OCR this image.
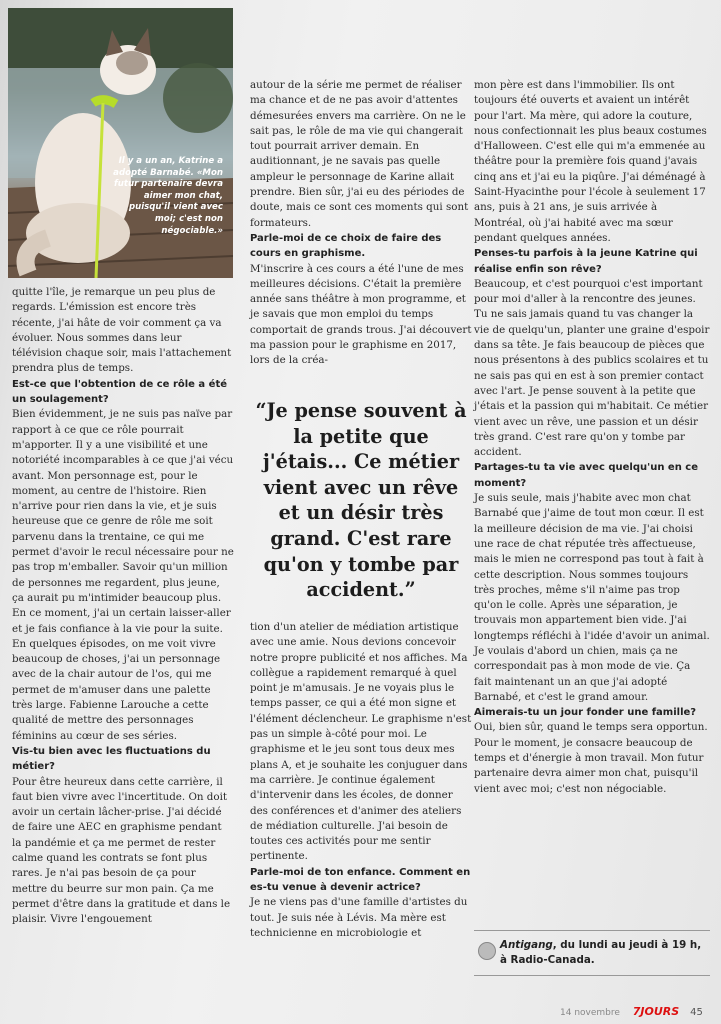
Il y a un an, Katrine a adopté Barnabé. «Mon futur partenaire devra aimer mon chat, puisqu'il vient avec moi; c'est non négociable.»

quitte l'île, je remarque un peu plus de regards. L'émission est encore très récente, j'ai hâte de voir comment ça va évoluer. Nous sommes dans leur télévision chaque soir, mais l'attachement prendra plus de temps.

Est-ce que l'obtention de ce rôle a été un soulagement?

Bien évidemment, je ne suis pas naïve par rapport à ce que ce rôle pourrait m'apporter. Il y a une visibilité et une notoriété incomparables à ce que j'ai vécu avant. Mon personnage est, pour le moment, au centre de l'histoire. Rien n'arrive pour rien dans la vie, et je suis heureuse que ce genre de rôle me soit parvenu dans la trentaine, ce qui me permet d'avoir le recul nécessaire pour ne pas trop m'emballer. Savoir qu'un million de personnes me regardent, plus jeune, ça aurait pu m'intimider beaucoup plus. En ce moment, j'ai un certain laisser-aller et je fais confiance à la vie pour la suite. En quelques épisodes, on me voit vivre beaucoup de choses, j'ai un personnage avec de la chair autour de l'os, qui me permet de m'amuser dans une palette très large. Fabienne Larouche a cette qualité de mettre des personnages féminins au cœur de ses séries.

Vis-tu bien avec les fluctuations du métier?

Pour être heureux dans cette carrière, il faut bien vivre avec l'incertitude. On doit avoir un certain lâcher-prise. J'ai décidé de faire une AEC en graphisme pendant la pandémie et ça me permet de rester calme quand les contrats se font plus rares. Je n'ai pas besoin de ça pour mettre du beurre sur mon pain. Ça me permet d'être dans la gratitude et dans le plaisir. Vivre l'engouement

autour de la série me permet de réaliser ma chance et de ne pas avoir d'attentes démesurées envers ma carrière. On ne le sait pas, le rôle de ma vie qui changerait tout pourrait arriver demain. En auditionnant, je ne savais pas quelle ampleur le personnage de Karine allait prendre. Bien sûr, j'ai eu des périodes de doute, mais ce sont ces moments qui sont formateurs.

Parle-moi de ce choix de faire des cours en graphisme.

M'inscrire à ces cours a été l'une de mes meilleures décisions. C'était la première année sans théâtre à mon programme, et je savais que mon emploi du temps comportait de grands trous. J'ai découvert ma passion pour le graphisme en 2017, lors de la créa-

“Je pense souvent à la petite que j'étais... Ce métier vient avec un rêve et un désir très grand. C'est rare qu'on y tombe par accident.”

tion d'un atelier de médiation artistique avec une amie. Nous devions concevoir notre propre publicité et nos affiches. Ma collègue a rapidement remarqué à quel point je m'amusais. Je ne voyais plus le temps passer, ce qui a été mon signe et l'élément déclencheur. Le graphisme n'est pas un simple à-côté pour moi. Le graphisme et le jeu sont tous deux mes plans A, et je souhaite les conjuguer dans ma carrière. Je continue également d'intervenir dans les écoles, de donner des conférences et d'animer des ateliers de médiation culturelle. J'ai besoin de toutes ces activités pour me sentir pertinente.

Parle-moi de ton enfance. Comment en es-tu venue à devenir actrice?

Je ne viens pas d'une famille d'artistes du tout. Je suis née à Lévis. Ma mère est technicienne en microbiologie et

mon père est dans l'immobilier. Ils ont toujours été ouverts et avaient un intérêt pour l'art. Ma mère, qui adore la couture, nous confectionnait les plus beaux costumes d'Halloween. C'est elle qui m'a emmenée au théâtre pour la première fois quand j'avais cinq ans et j'ai eu la piqûre. J'ai déménagé à Saint-Hyacinthe pour l'école à seulement 17 ans, puis à 21 ans, je suis arrivée à Montréal, où j'ai habité avec ma sœur pendant quelques années.

Penses-tu parfois à la jeune Katrine qui réalise enfin son rêve?

Beaucoup, et c'est pourquoi c'est important pour moi d'aller à la rencontre des jeunes. Tu ne sais jamais quand tu vas changer la vie de quelqu'un, planter une graine d'espoir dans sa tête. Je fais beaucoup de pièces que nous présentons à des publics scolaires et tu ne sais pas qui en est à son premier contact avec l'art. Je pense souvent à la petite que j'étais et la passion qui m'habitait. Ce métier vient avec un rêve, une passion et un désir très grand. C'est rare qu'on y tombe par accident.

Partages-tu ta vie avec quelqu'un en ce moment?

Je suis seule, mais j'habite avec mon chat Barnabé que j'aime de tout mon cœur. Il est la meilleure décision de ma vie. J'ai choisi une race de chat réputée très affectueuse, mais le mien ne correspond pas tout à fait à cette description. Nous sommes toujours très proches, même s'il n'aime pas trop qu'on le colle. Après une séparation, je trouvais mon appartement bien vide. J'ai longtemps réfléchi à l'idée d'avoir un animal. Je voulais d'abord un chien, mais ça ne correspondait pas à mon mode de vie. Ça fait maintenant un an que j'ai adopté Barnabé, et c'est le grand amour.

Aimerais-tu un jour fonder une famille?

Oui, bien sûr, quand le temps sera opportun. Pour le moment, je consacre beaucoup de temps et d'énergie à mon travail. Mon futur partenaire devra aimer mon chat, puisqu'il vient avec moi; c'est non négociable.

Antigang, du lundi au jeudi à 19 h, à Radio-Canada.
14 novembre 7JOURS 45
